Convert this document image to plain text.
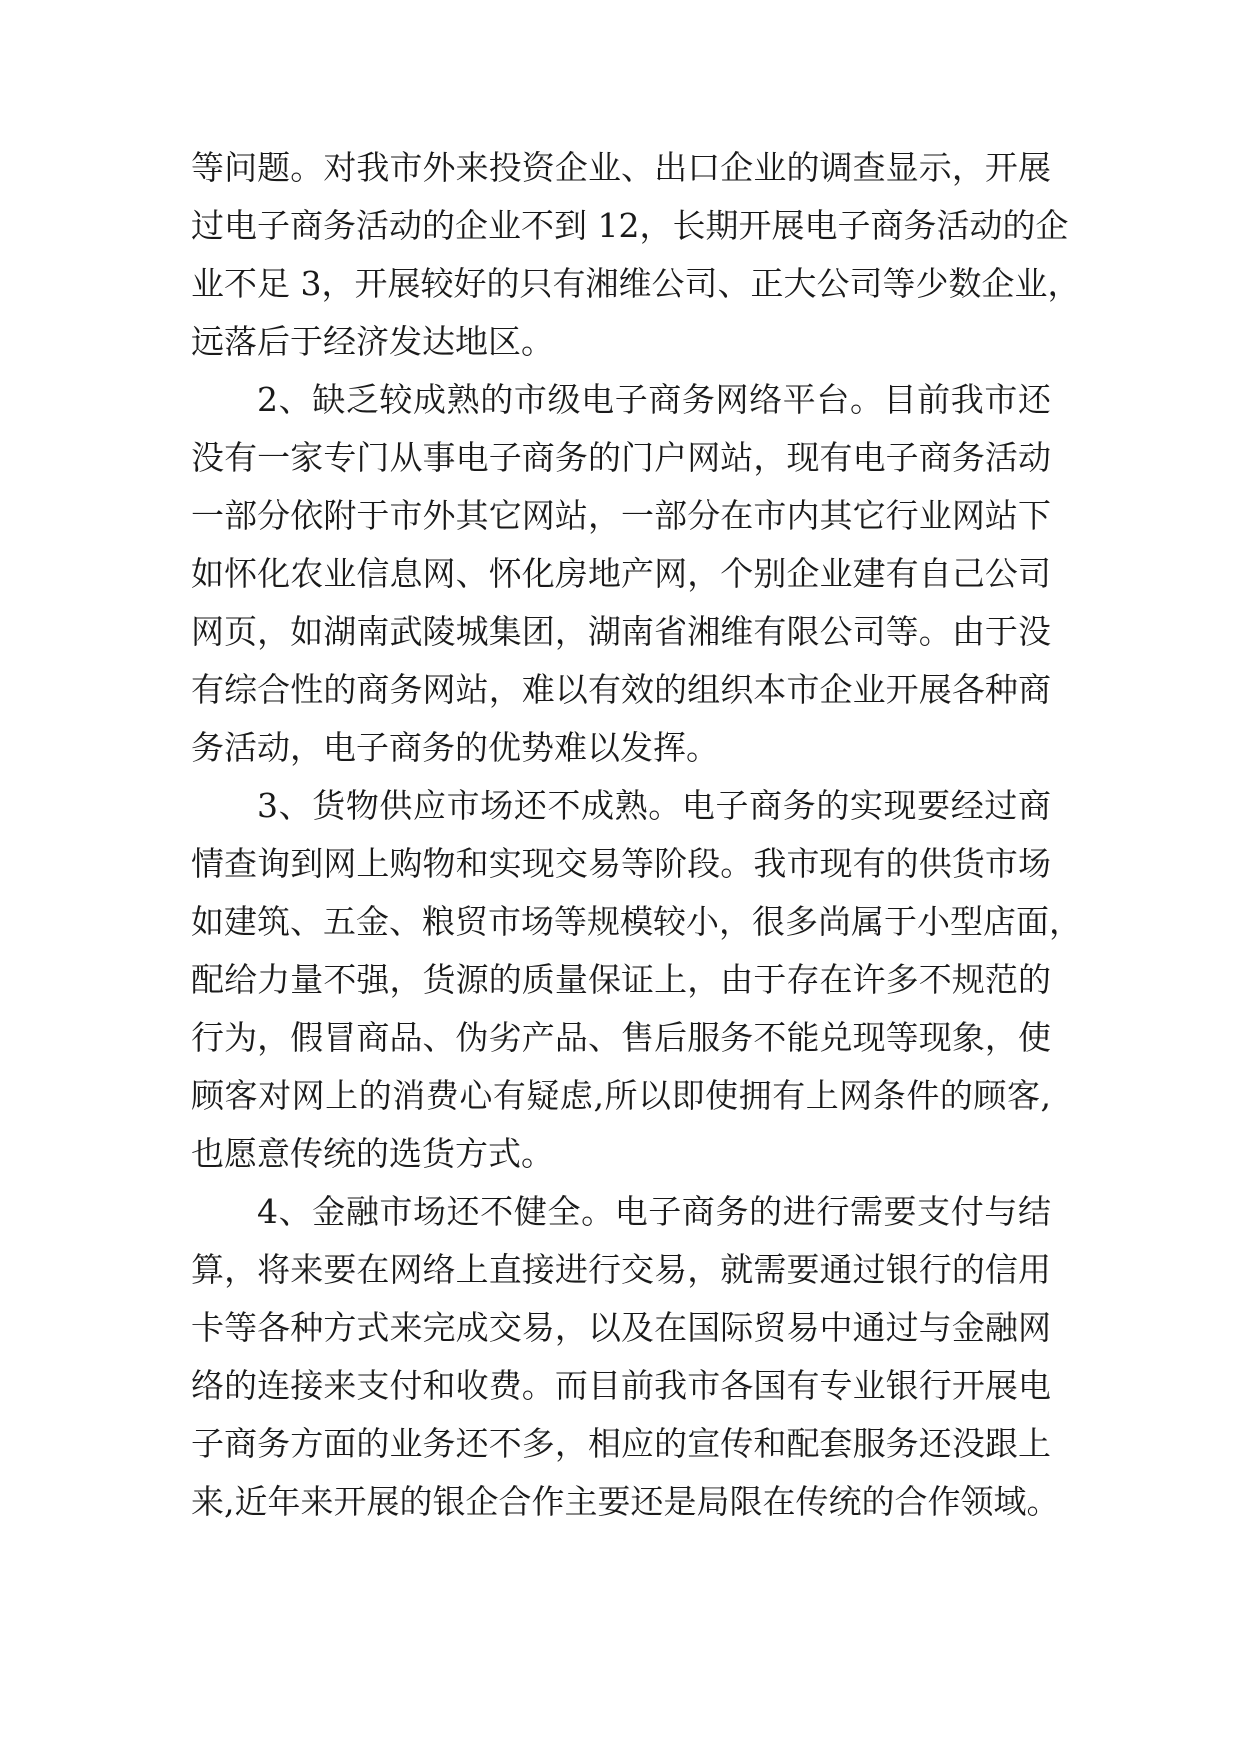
等问题。对我市外来投资企业、出口企业的调查显示，开展
过电子商务活动的企业不到 12，长期开展电子商务活动的企
业不足 3，开展较好的只有湘维公司、正大公司等少数企业，
远落后于经济发达地区。
2、缺乏较成熟的市级电子商务网络平台。目前我市还
没有一家专门从事电子商务的门户网站，现有电子商务活动
一部分依附于市外其它网站，一部分在市内其它行业网站下
如怀化农业信息网、怀化房地产网，个别企业建有自己公司
网页，如湖南武陵城集团，湖南省湘维有限公司等。由于没
有综合性的商务网站，难以有效的组织本市企业开展各种商
务活动，电子商务的优势难以发挥。
3、货物供应市场还不成熟。电子商务的实现要经过商
情查询到网上购物和实现交易等阶段。我市现有的供货市场
如建筑、五金、粮贸市场等规模较小，很多尚属于小型店面，
配给力量不强，货源的质量保证上，由于存在许多不规范的
行为，假冒商品、伪劣产品、售后服务不能兑现等现象，使
顾客对网上的消费心有疑虑,所以即使拥有上网条件的顾客,
也愿意传统的选货方式。
4、金融市场还不健全。电子商务的进行需要支付与结
算，将来要在网络上直接进行交易，就需要通过银行的信用
卡等各种方式来完成交易，以及在国际贸易中通过与金融网
络的连接来支付和收费。而目前我市各国有专业银行开展电
子商务方面的业务还不多，相应的宣传和配套服务还没跟上
来,近年来开展的银企合作主要还是局限在传统的合作领域。
